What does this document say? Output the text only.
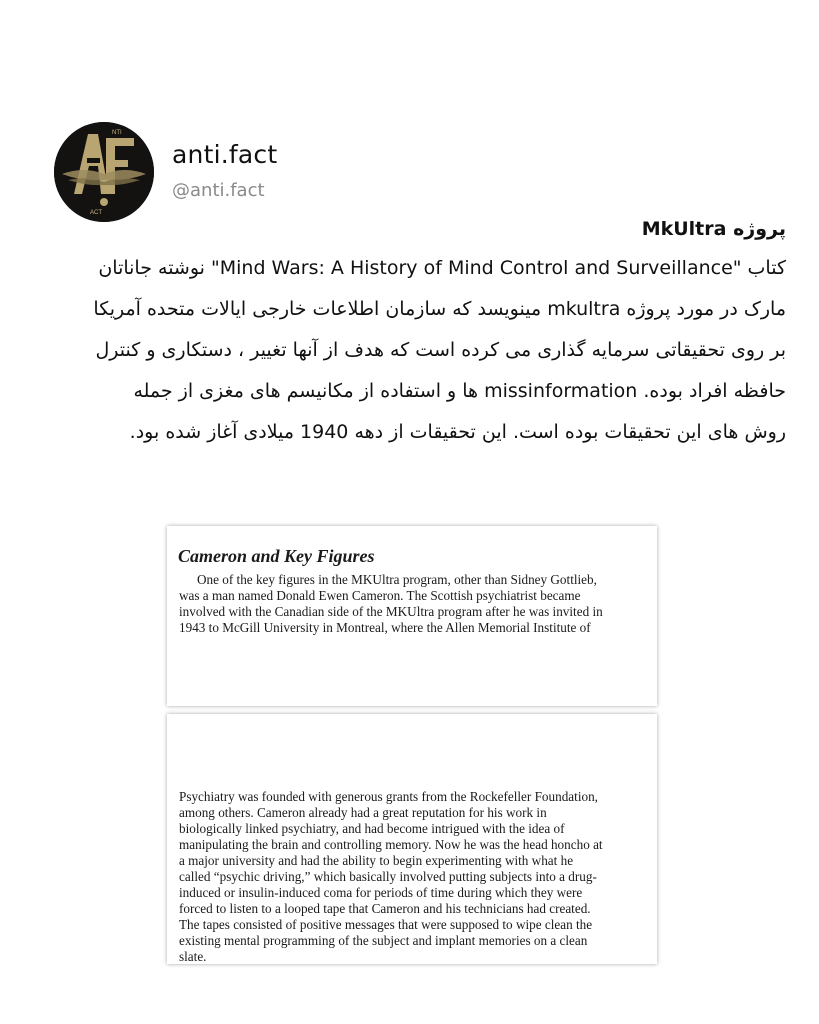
NTI
ACT
anti.fact
@anti.fact
پروژه MkUltra
کتاب "Mind Wars: A History of Mind Control and Surveillance" نوشته جاناتان
مارک در مورد پروژه mkultra مینویسد که سازمان اطلاعات خارجی ایالات متحده آمریکا
بر روی تحقیقاتی سرمایه گذاری می کرده است که هدف از آنها تغییر ، دستکاری و کنترل
حافظه افراد بوده. missinformation ها و استفاده از مکانیسم های مغزی از جمله
روش های این تحقیقات بوده است. این تحقیقات از دهه 1940 میلادی آغاز شده بود.
Cameron and Key Figures
One of the key figures in the MKUltra program, other than Sidney Gottlieb,
was a man named Donald Ewen Cameron. The Scottish psychiatrist became
involved with the Canadian side of the MKUltra program after he was invited in
1943 to McGill University in Montreal, where the Allen Memorial Institute of
Psychiatry was founded with generous grants from the Rockefeller Foundation,
among others. Cameron already had a great reputation for his work in
biologically linked psychiatry, and had become intrigued with the idea of
manipulating the brain and controlling memory. Now he was the head honcho at
a major university and had the ability to begin experimenting with what he
called “psychic driving,” which basically involved putting subjects into a drug-
induced or insulin-induced coma for periods of time during which they were
forced to listen to a looped tape that Cameron and his technicians had created.
The tapes consisted of positive messages that were supposed to wipe clean the
existing mental programming of the subject and implant memories on a clean
slate.
